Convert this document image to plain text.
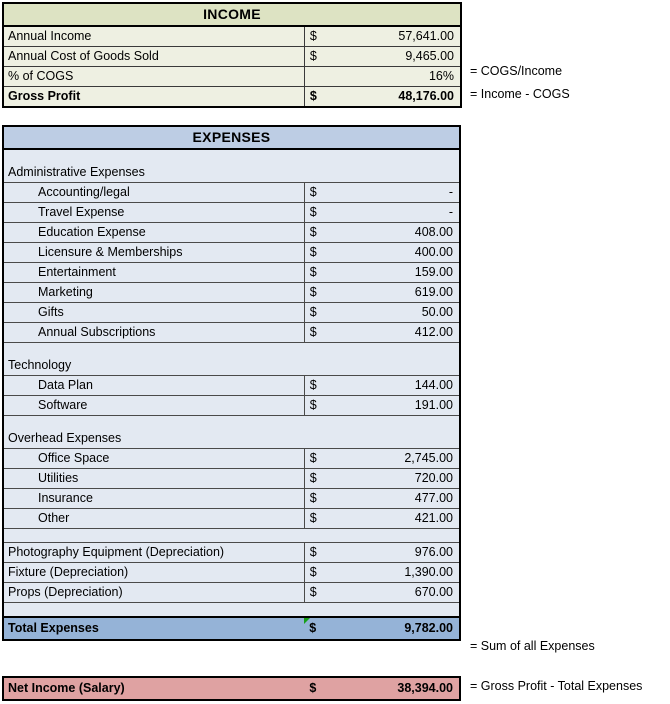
INCOME		
Annual Income	$	57,641.00
Annual Cost of Goods Sold	$	9,465.00
% of COGS	16%	
Gross Profit	$	48,176.00
= COGS/Income
= Income - COGS
EXPENSES		

Administrative Expenses		
Accounting/legal	$	-
Travel Expense	$	-
Education Expense	$	408.00
Licensure & Memberships	$	400.00
Entertainment	$	159.00
Marketing	$	619.00
Gifts	$	50.00
Annual Subscriptions	$	412.00

Technology		
Data Plan	$	144.00
Software	$	191.00

Overhead Expenses		
Office Space	$	2,745.00
Utilities	$	720.00
Insurance	$	477.00
Other	$	421.00

Photography Equipment (Depreciation)	$	976.00
Fixture (Depreciation)	$	1,390.00
Props (Depreciation)	$	670.00

Total Expenses	$	9,782.00
= Sum of all Expenses
Net Income (Salary)	$	38,394.00 = Gross Profit - Total Expenses
